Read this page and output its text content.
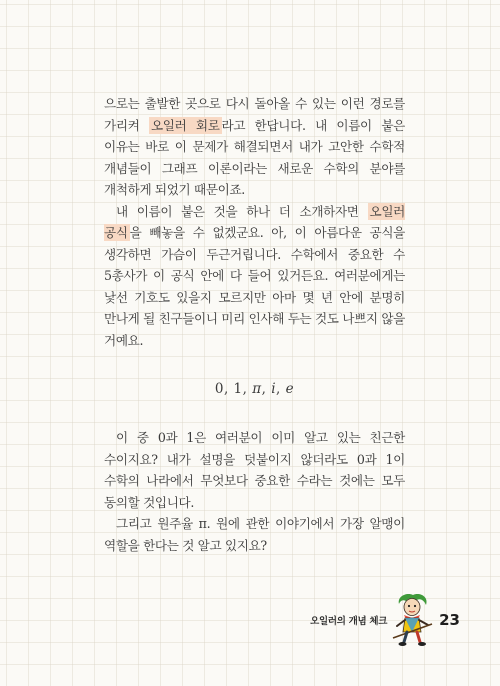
으로는 출발한 곳으로 다시 돌아올 수 있는 이런 경로를 가리켜 오일러 회로 라고 한답니다. 내 이름이 붙은 이유는 바로 이 문제가 해결되면서 내가 고안한 수학적 개념들이 그래프 이론이라는 새로운 수학의 분야를 개척하게 되었기 때문이죠.

내 이름이 붙은 것을 하나 더 소개하자면 오일러 공식 을 빼놓을 수 없겠군요. 아, 이 아름다운 공식을 생각하면 가슴이 두근거립니다. 수학에서 중요한 수 5총사가 이 공식 안에 다 들어 있거든요. 여러분에게는 낯선 기호도 있을지 모르지만 아마 몇 년 안에 분명히 만나게 될 친구들이니 미리 인사해 두는 것도 나쁘지 않을 거예요.

0, 1, π, i, e

이 중 0과 1은 여러분이 이미 알고 있는 친근한 수이지요? 내가 설명을 덧붙이지 않더라도 0과 1이 수학의 나라에서 무엇보다 중요한 수라는 것에는 모두 동의할 것입니다.

그리고 원주율 π. 원에 관한 이야기에서 가장 알맹이 역할을 한다는 것 알고 있지요?

오일러의 개념 체크	23
